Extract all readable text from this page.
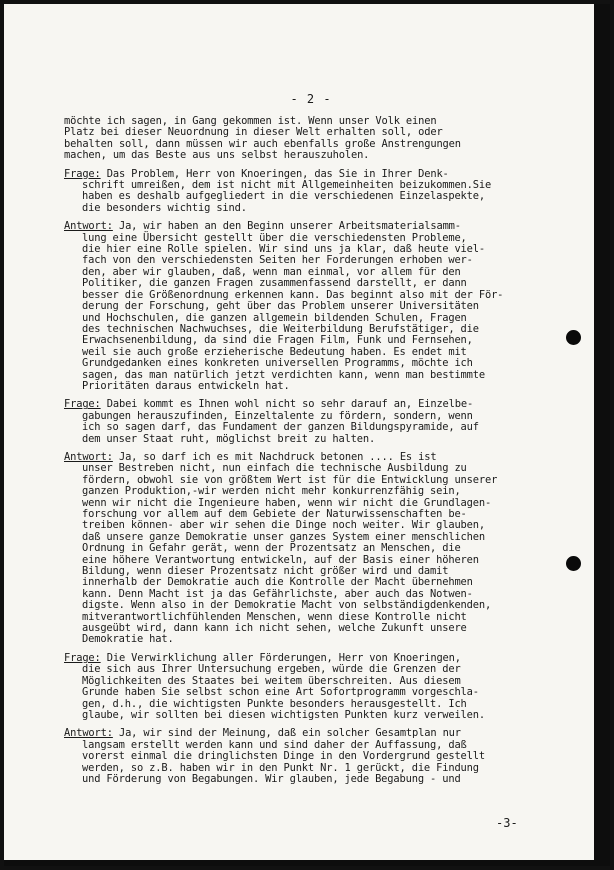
- 2 -
möchte ich sagen, in Gang gekommen ist. Wenn unser Volk einen
Platz bei dieser Neuordnung in dieser Welt erhalten soll, oder
behalten soll, dann müssen wir auch ebenfalls große Anstrengungen
machen, um das Beste aus uns selbst herauszuholen.
Frage: Das Problem, Herr von Knoeringen, das Sie in Ihrer Denk-
schrift umreißen, dem ist nicht mit Allgemeinheiten beizukommen.Sie
haben es deshalb aufgegliedert in die verschiedenen Einzelaspekte,
die besonders wichtig sind.
Antwort: Ja, wir haben an den Beginn unserer Arbeitsmaterialsamm-
lung eine Übersicht gestellt über die verschiedensten Probleme,
die hier eine Rolle spielen. Wir sind uns ja klar, daß heute viel-
fach von den verschiedensten Seiten her Forderungen erhoben wer-
den, aber wir glauben, daß, wenn man einmal, vor allem für den
Politiker, die ganzen Fragen zusammenfassend darstellt, er dann
besser die Größenordnung erkennen kann. Das beginnt also mit der För-
derung der Forschung, geht über das Problem unserer Universitäten
und Hochschulen, die ganzen allgemein bildenden Schulen, Fragen
des technischen Nachwuchses, die Weiterbildung Berufstätiger, die
Erwachsenenbildung, da sind die Fragen Film, Funk und Fernsehen,
weil sie auch große erzieherische Bedeutung haben. Es endet mit
Grundgedanken eines konkreten universellen Programms, möchte ich
sagen, das man natürlich jetzt verdichten kann, wenn man bestimmte
Prioritäten daraus entwickeln hat.
Frage: Dabei kommt es Ihnen wohl nicht so sehr darauf an, Einzelbe-
gabungen herauszufinden, Einzeltalente zu fördern, sondern, wenn
ich so sagen darf, das Fundament der ganzen Bildungspyramide, auf
dem unser Staat ruht, möglichst breit zu halten.
Antwort: Ja, so darf ich es mit Nachdruck betonen .... Es ist
unser Bestreben nicht, nun einfach die technische Ausbildung zu
fördern, obwohl sie von größtem Wert ist für die Entwicklung unserer
ganzen Produktion,-wir werden nicht mehr konkurrenzfähig sein,
wenn wir nicht die Ingenieure haben, wenn wir nicht die Grundlagen-
forschung vor allem auf dem Gebiete der Naturwissenschaften be-
treiben können- aber wir sehen die Dinge noch weiter. Wir glauben,
daß unsere ganze Demokratie unser ganzes System einer menschlichen
Ordnung in Gefahr gerät, wenn der Prozentsatz an Menschen, die
eine höhere Verantwortung entwickeln, auf der Basis einer höheren
Bildung, wenn dieser Prozentsatz nicht größer wird und damit
innerhalb der Demokratie auch die Kontrolle der Macht übernehmen
kann. Denn Macht ist ja das Gefährlichste, aber auch das Notwen-
digste. Wenn also in der Demokratie Macht von selbständigdenkenden,
mitverantwortlichfühlenden Menschen, wenn diese Kontrolle nicht
ausgeübt wird, dann kann ich nicht sehen, welche Zukunft unsere
Demokratie hat.
Frage: Die Verwirklichung aller Förderungen, Herr von Knoeringen,
die sich aus Ihrer Untersuchung ergeben, würde die Grenzen der
Möglichkeiten des Staates bei weitem überschreiten. Aus diesem
Grunde haben Sie selbst schon eine Art Sofortprogramm vorgeschla-
gen, d.h., die wichtigsten Punkte besonders herausgestellt. Ich
glaube, wir sollten bei diesen wichtigsten Punkten kurz verweilen.
Antwort: Ja, wir sind der Meinung, daß ein solcher Gesamtplan nur
langsam erstellt werden kann und sind daher der Auffassung, daß
vorerst einmal die dringlichsten Dinge in den Vordergrund gestellt
werden, so z.B. haben wir in den Punkt Nr. 1 gerückt, die Findung
und Förderung von Begabungen. Wir glauben, jede Begabung - und
-3-
